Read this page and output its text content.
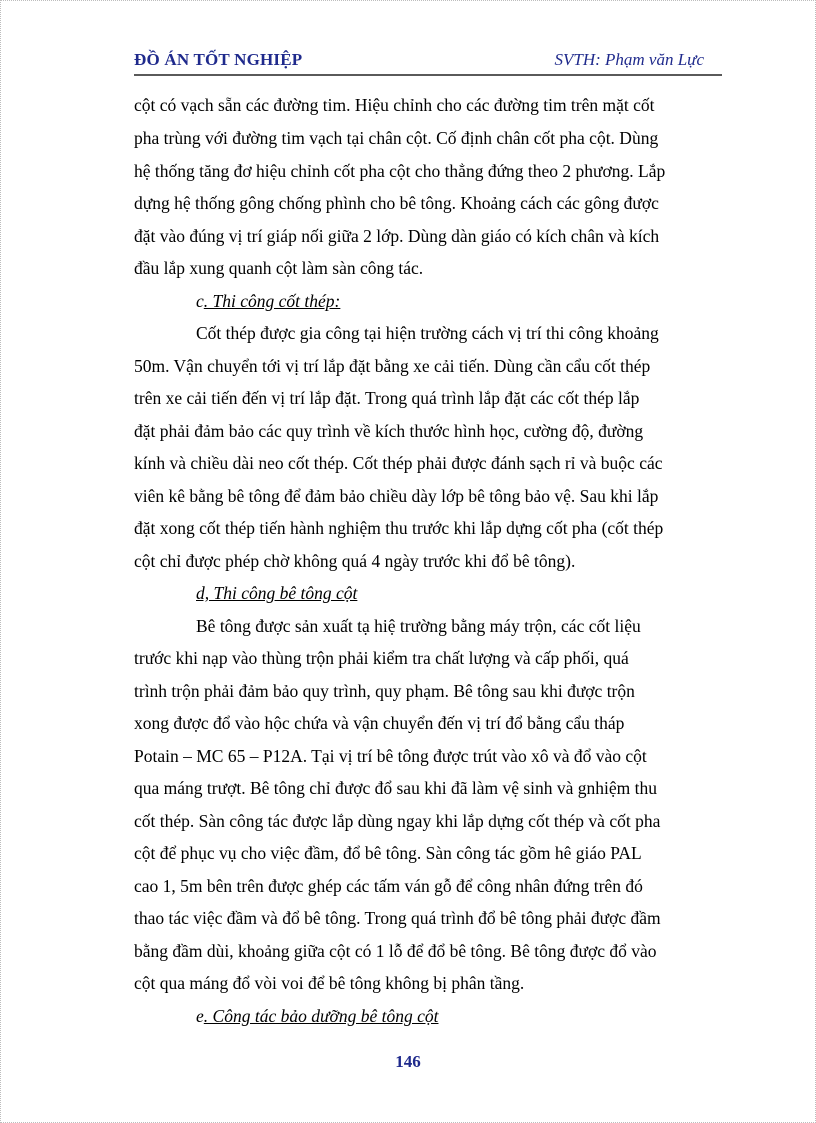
ĐỒ ÁN TỐT NGHIỆP	SVTH: Phạm văn Lực
cột có vạch sẵn các đường tim. Hiệu chỉnh cho các đường tim trên mặt cốt
pha trùng với đường tim vạch tại chân cột. Cố định chân cốt pha cột. Dùng
hệ thống tăng đơ hiệu chỉnh cốt pha cột cho thẳng đứng theo 2 phương. Lắp
dựng hệ thống gông chống phình cho bê tông. Khoảng cách các gông được
đặt vào đúng vị trí giáp nối giữa 2 lớp. Dùng dàn giáo có kích chân và kích
đầu lắp xung quanh cột làm sàn công tác.
c. Thi công cốt thép:
Cốt thép được gia công tại hiện trường cách vị trí thi công khoảng
50m. Vận chuyển tới vị trí lắp đặt bằng xe cải tiến. Dùng cần cẩu cốt thép
trên xe cải tiến đến vị trí lắp đặt. Trong quá trình lắp đặt các cốt thép lắp
đặt phải đảm bảo các quy trình về kích thước hình học, cường độ, đường
kính và chiều dài neo cốt thép. Cốt thép phải được đánh sạch rỉ và buộc các
viên kê bằng bê tông để đảm bảo chiều dày lớp bê tông bảo vệ. Sau khi lắp
đặt xong cốt thép tiến hành nghiệm thu trước khi lắp dựng cốt pha (cốt thép
cột chỉ được phép chờ không quá 4 ngày trước khi đổ bê tông).
d, Thi công bê tông cột
Bê tông được sản xuất tạ hiệ trường bằng máy trộn, các cốt liệu
trước khi nạp vào thùng trộn phải kiểm tra chất lượng và cấp phối, quá
trình trộn phải đảm bảo quy trình, quy phạm. Bê tông sau khi được trộn
xong được đổ vào hộc chứa và vận chuyển đến vị trí đổ bằng cẩu tháp
Potain – MC 65 – P12A. Tại vị trí bê tông được trút vào xô và đổ vào cột
qua máng trượt. Bê tông chỉ được đổ sau khi đã làm vệ sinh và gnhiệm thu
cốt thép. Sàn công tác được lắp dùng ngay khi lắp dựng cốt thép và cốt pha
cột để phục vụ cho việc đầm, đổ bê tông. Sàn công tác gồm hê giáo PAL
cao 1, 5m bên trên được ghép các tấm ván gỗ để công nhân đứng trên đó
thao tác việc đầm và đổ bê tông. Trong quá trình đổ bê tông phải được đầm
bằng đầm dùi, khoảng giữa cột có 1 lỗ để đổ bê tông. Bê tông được đổ vào
cột qua máng đổ vòi voi để bê tông không bị phân tầng.
e. Công tác bảo dưỡng bê tông cột
146
